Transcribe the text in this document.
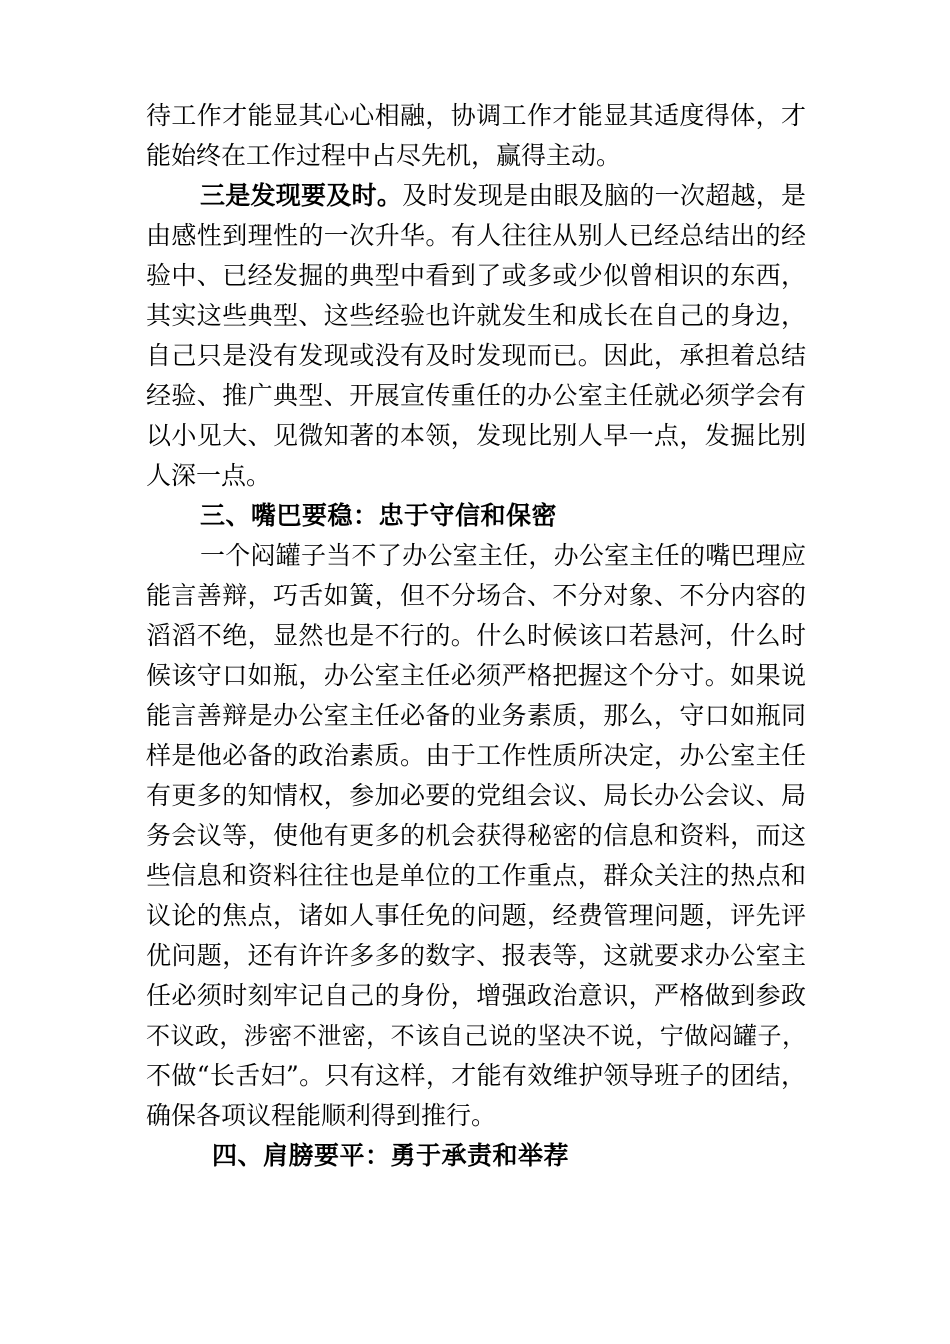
待工作才能显其心心相融，协调工作才能显其适度得体，才
能始终在工作过程中占尽先机，赢得主动。
三是发现要及时。及时发现是由眼及脑的一次超越，是
由感性到理性的一次升华。有人往往从别人已经总结出的经
验中、已经发掘的典型中看到了或多或少似曾相识的东西，
其实这些典型、这些经验也许就发生和成长在自己的身边，
自己只是没有发现或没有及时发现而已。因此，承担着总结
经验、推广典型、开展宣传重任的办公室主任就必须学会有
以小见大、见微知著的本领，发现比别人早一点，发掘比别
人深一点。
三、嘴巴要稳：忠于守信和保密
一个闷罐子当不了办公室主任，办公室主任的嘴巴理应
能言善辩，巧舌如簧，但不分场合、不分对象、不分内容的
滔滔不绝，显然也是不行的。什么时候该口若悬河，什么时
候该守口如瓶，办公室主任必须严格把握这个分寸。如果说
能言善辩是办公室主任必备的业务素质，那么，守口如瓶同
样是他必备的政治素质。由于工作性质所决定，办公室主任
有更多的知情权，参加必要的党组会议、局长办公会议、局
务会议等，使他有更多的机会获得秘密的信息和资料，而这
些信息和资料往往也是单位的工作重点，群众关注的热点和
议论的焦点，诸如人事任免的问题，经费管理问题，评先评
优问题，还有许许多多的数字、报表等，这就要求办公室主
任必须时刻牢记自己的身份，增强政治意识，严格做到参政
不议政，涉密不泄密，不该自己说的坚决不说，宁做闷罐子，
不做“长舌妇”。只有这样，才能有效维护领导班子的团结，
确保各项议程能顺利得到推行。
四、肩膀要平：勇于承责和举荐
